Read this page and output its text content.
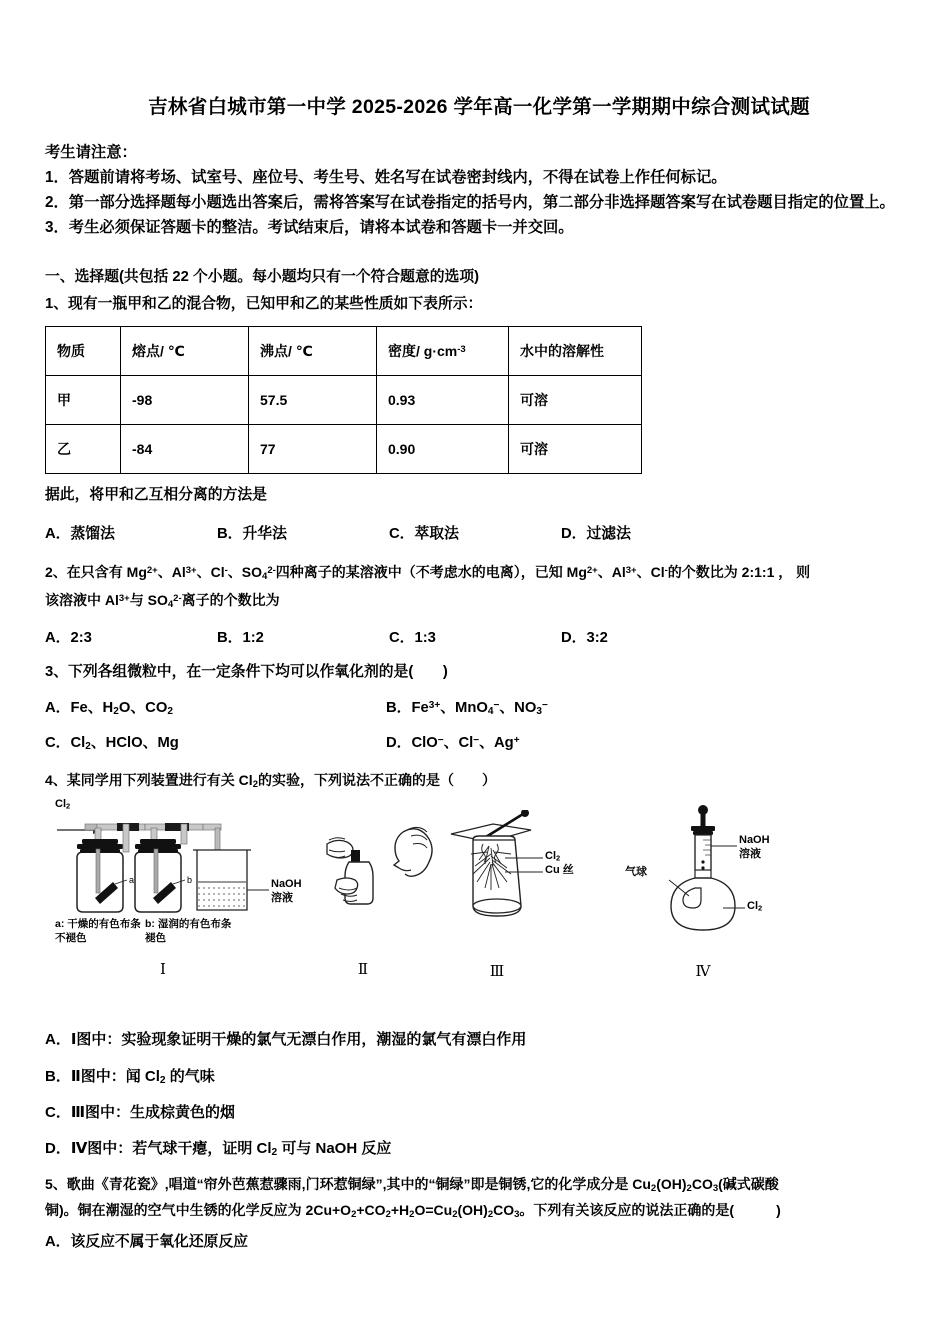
吉林省白城市第一中学 2025-2026 学年高一化学第一学期期中综合测试试题

考生请注意：

1．答题前请将考场、试室号、座位号、考生号、姓名写在试卷密封线内，不得在试卷上作任何标记。

2．第一部分选择题每小题选出答案后，需将答案写在试卷指定的括号内，第二部分非选择题答案写在试卷题目指定的位置上。

3．考生必须保证答题卡的整洁。考试结束后，请将本试卷和答题卡一并交回。

一、选择题(共包括 22 个小题。每小题均只有一个符合题意的选项)

1、现有一瓶甲和乙的混合物，已知甲和乙的某些性质如下表所示：

物质	熔点/ ℃	沸点/ ℃	密度/ $g\cdot cm^{-3}$	水中的溶解性
甲	-98	57.5	0.93	可溶
乙	-84	77	0.90	可溶

据此，将甲和乙互相分离的方法是

A．蒸馏法	B．升华法	C．萃取法	D．过滤法

2、在只含有 $Mg^{2+}$、$Al^{3+}$、Cl-、$SO_4^{2-}$四种离子的某溶液中（不考虑水的电离），已知 $Mg^{2+}$、$Al^{3+}$、Cl-的个数比为 2:1:1 ， 则

该溶液中 $Al^{3+}$与 $SO_4^{2-}$离子的个数比为

A．2:3	B．1:2	C．1:3	D．3:2

3、下列各组微粒中，在一定条件下均可以作氧化剂的是(　　)

A．Fe、$H_2O$、$CO_2$	B．$Fe^{3+}$、MnO$_4$−、$NO_3^-$
C．$Cl_2$、HClO、Mg	D．ClO−、Cl−、Ag+

4、某同学用下列装置进行有关 $Cl_2$的实验，下列说法不正确的是（　　）

a	b
$Cl_2$
NaOH
溶液
a: 干燥的有色布条不褪色
b: 湿润的有色布条褪色
Ⅰ	Ⅱ
$Cl_2$
Cu 丝
Ⅲ
气球
NaOH
溶液
$Cl_2$
Ⅳ
A．Ⅰ图中：实验现象证明干燥的氯气无漂白作用，潮湿的氯气有漂白作用
B．Ⅱ图中：闻 $Cl_2$ 的气味
C．Ⅲ图中：生成棕黄色的烟
D．Ⅳ图中：若气球干瘪，证明 $Cl_2$ 可与 NaOH 反应

5、歌曲《青花瓷》,唱道“帘外芭蕉惹骤雨,门环惹铜绿”,其中的“铜绿”即是铜锈,它的化学成分是 $Cu_2(OH)_2CO_3$(碱式碳酸

铜)。铜在潮湿的空气中生锈的化学反应为 $2Cu+O_2+CO_2+H_2O=Cu_2(OH)_2CO_3$。下列有关该反应的说法正确的是(　　　)

A．该反应不属于氧化还原反应
